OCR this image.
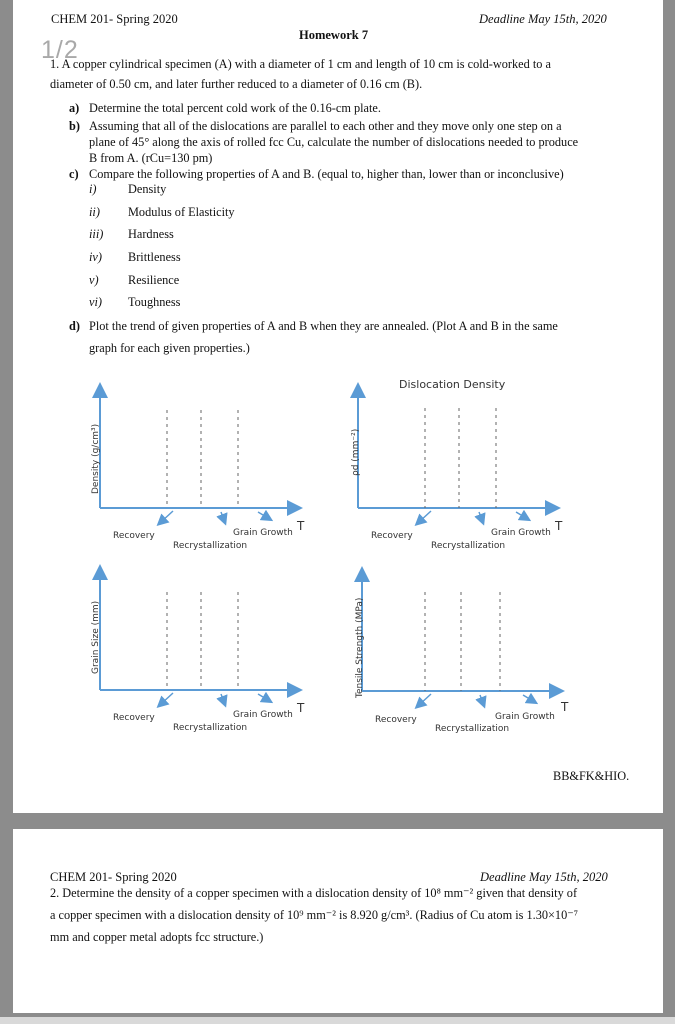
1/2
CHEM 201- Spring 2020	Deadline May 15th, 2020
Homework 7
1. A copper cylindrical specimen (A) with a diameter of 1 cm and length of 10 cm is cold-worked to a
diameter of 0.50 cm, and later further reduced to a diameter of 0.16 cm (B).
a) Determine the total percent cold work of the 0.16-cm plate.
b) Assuming that all of the dislocations are parallel to each other and they move only one step on a
plane of 45° along the axis of rolled fcc Cu, calculate the number of dislocations needed to produce
B from A. (rCu=130 pm)
c) Compare the following properties of A and B. (equal to, higher than, lower than or inconclusive)
i)	Density
ii) Modulus of Elasticity
iii) Hardness
iv) Brittleness
v) Resilience
vi) Toughness
d) Plot the trend of given properties of A and B when they are annealed. (Plot A and B in the same
graph for each given properties.)
Density (g/cm³)
Recovery
Recrystallization
Grain Growth T
Dislocation Density
ρd (mm⁻²)
Recovery
Recrystallization
Grain Growth T
Grain Size (mm)
Recovery
Recrystallization
Grain Growth T
Tensile Strength (MPa)
Recovery
Recrystallization
Grain Growth
T
BB&FK&HIO.
CHEM 201- Spring 2020	Deadline May 15th, 2020
2. Determine the density of a copper specimen with a dislocation density of 10⁸ mm⁻² given that density of
a copper specimen with a dislocation density of 10⁹ mm⁻² is 8.920 g/cm³. (Radius of Cu atom is 1.30×10⁻⁷
mm and copper metal adopts fcc structure.)
